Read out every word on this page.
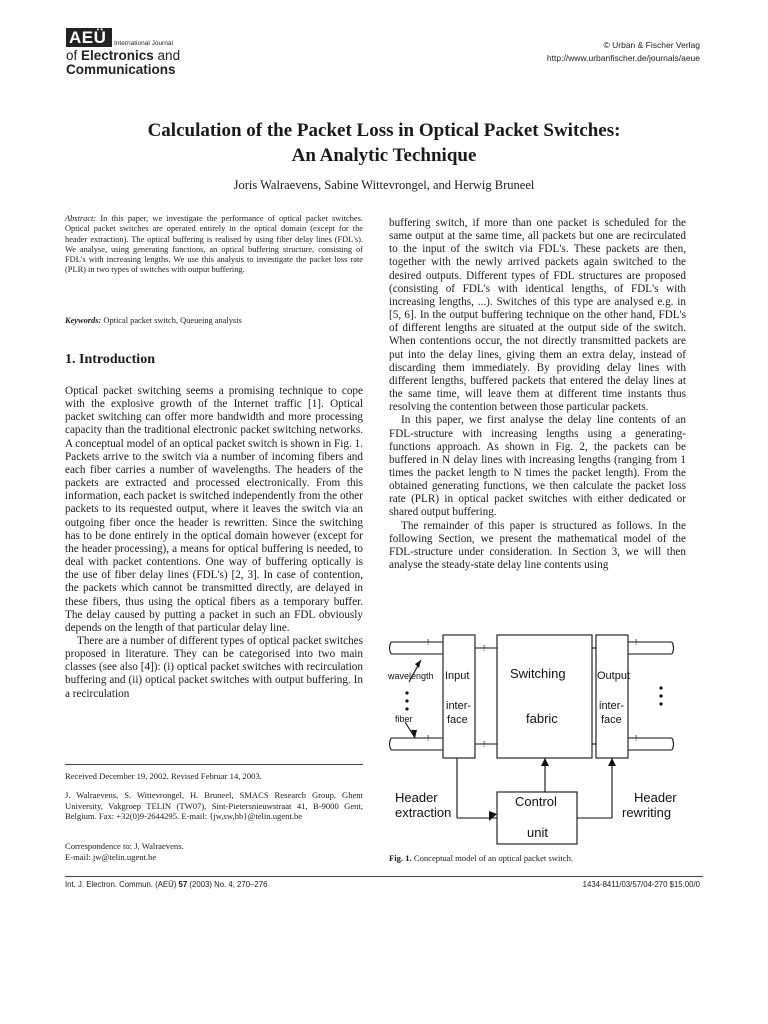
AEÜ International Journal
of Electronics and
Communications
© Urban & Fischer Verlag
http://www.urbanfischer.de/journals/aeue
Calculation of the Packet Loss in Optical Packet Switches:
An Analytic Technique
Joris Walraevens, Sabine Wittevrongel, and Herwig Bruneel

Abstract: In this paper, we investigate the performance of optical packet switches. Optical packet switches are operated entirely in the optical domain (except for the header extraction). The optical buffering is realised by using fiber delay lines (FDL's). We analyse, using generating functions, an optical buffering structure, consisting of FDL's with increasing lengths. We use this analysis to investigate the packet loss rate (PLR) in two types of switches with output buffering.

Keywords: Optical packet switch, Queueing analysis
1. Introduction

Optical packet switching seems a promising technique to cope with the explosive growth of the Internet traffic [1]. Optical packet switching can offer more bandwidth and more processing capacity than the traditional electronic packet switching networks. A conceptual model of an optical packet switch is shown in Fig. 1. Packets arrive to the switch via a number of incoming fibers and each fiber carries a number of wavelengths. The headers of the packets are extracted and processed electronically. From this information, each packet is switched independently from the other packets to its requested output, where it leaves the switch via an outgoing fiber once the header is rewritten. Since the switching has to be done entirely in the optical domain however (except for the header processing), a means for optical buffering is needed, to deal with packet contentions. One way of buffering optically is the use of fiber delay lines (FDL's) [2, 3]. In case of contention, the packets which cannot be transmitted directly, are delayed in these fibers, thus using the optical fibers as a temporary buffer. The delay caused by putting a packet in such an FDL obviously depends on the length of that particular delay line.

There are a number of different types of optical packet switches proposed in literature. They can be categorised into two main classes (see also [4]): (i) optical packet switches with recirculation buffering and (ii) optical packet switches with output buffering. In a recirculation

Received December 19, 2002. Revised Februar 14, 2003.
J. Walraevens, S. Wittevrongel, H. Bruneel, SMACS Research Group, Ghent University, Vakgroep TELIN (TW07), Sint-Pietersnieuwstraat 41, B-9000 Gent, Belgium. Fax: +32(0)9-2644295. E-mail: {jw,sw,hb}@telin.ugent.be

Correspondence to: J. Walraevens.

E-mail: jw@telin.ugent.be

buffering switch, if more than one packet is scheduled for the same output at the same time, all packets but one are recirculated to the input of the switch via FDL's. These packets are then, together with the newly arrived packets again switched to the desired outputs. Different types of FDL structures are proposed (consisting of FDL's with identical lengths, of FDL's with increasing lengths, ...). Switches of this type are analysed e.g. in [5, 6]. In the output buffering technique on the other hand, FDL's of different lengths are situated at the output side of the switch. When contentions occur, the not directly transmitted packets are put into the delay lines, giving them an extra delay, instead of discarding them immediately. By providing delay lines with different lengths, buffered packets that entered the delay lines at the same time, will leave them at different time instants thus resolving the contention between those particular packets.

In this paper, we first analyse the delay line contents of an FDL-structure with increasing lengths using a generating-functions approach. As shown in Fig. 2, the packets can be buffered in N delay lines with increasing lengths (ranging from 1 times the packet length to N times the packet length). From the obtained generating functions, we then calculate the packet loss rate (PLR) in optical packet switches with either dedicated or shared output buffering.

The remainder of this paper is structured as follows. In the following Section, we present the mathematical model of the FDL-structure under consideration. In Section 3, we will then analyse the steady-state delay line contents using

!
!
!
!
!
!
wavelength
fiber
Input
inter-
face
Switching
fabric
Output
inter-
face
Header
extraction
Control
unit
Header
rewriting
Fig. 1. Conceptual model of an optical packet switch.
Int. J. Electron. Commun. (AEÜ) 57 (2003) No. 4, 270–276	1434-8411/03/57/04-270 $15.00/0
